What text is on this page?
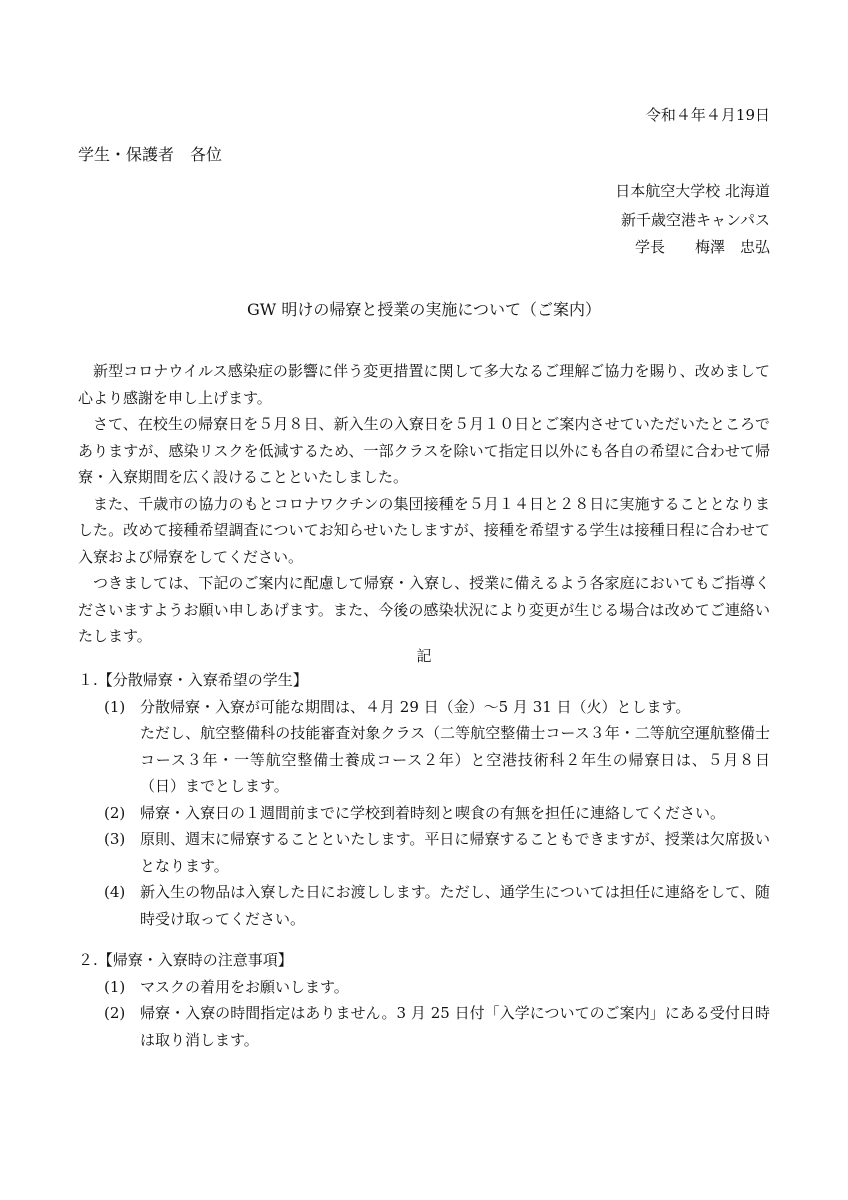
令和４年４月19日
学生・保護者　各位
日本航空大学校 北海道
新千歳空港キャンパス
学長　　梅澤　忠弘
GW 明けの帰寮と授業の実施について（ご案内）

新型コロナウイルス感染症の影響に伴う変更措置に関して多大なるご理解ご協力を賜り、改めまして心より感謝を申し上げます。

さて、在校生の帰寮日を５月８日、新入生の入寮日を５月１０日とご案内させていただいたところでありますが、感染リスクを低減するため、一部クラスを除いて指定日以外にも各自の希望に合わせて帰寮・入寮期間を広く設けることといたしました。

また、千歳市の協力のもとコロナワクチンの集団接種を５月１４日と２８日に実施することとなりました。改めて接種希望調査についてお知らせいたしますが、接種を希望する学生は接種日程に合わせて入寮および帰寮をしてください。

つきましては、下記のご案内に配慮して帰寮・入寮し、授業に備えるよう各家庭においてもご指導くださいますようお願い申しあげます。また、今後の感染状況により変更が生じる場合は改めてご連絡いたします。

記
１.【分散帰寮・入寮希望の学生】
(1) 分散帰寮・入寮が可能な期間は、４月 29 日（金）～5 月 31 日（火）とします。
ただし、航空整備科の技能審査対象クラス（二等航空整備士コース３年・二等航空運航整備士コース３年・一等航空整備士養成コース２年）と空港技術科２年生の帰寮日は、５月８日（日）までとします。
(2) 帰寮・入寮日の１週間前までに学校到着時刻と喫食の有無を担任に連絡してください。
(3) 原則、週末に帰寮することといたします。平日に帰寮することもできますが、授業は欠席扱いとなります。
(4) 新入生の物品は入寮した日にお渡しします。ただし、通学生については担任に連絡をして、随時受け取ってください。
２.【帰寮・入寮時の注意事項】
(1) マスクの着用をお願いします。
(2) 帰寮・入寮の時間指定はありません。3 月 25 日付「入学についてのご案内」にある受付日時は取り消します。
